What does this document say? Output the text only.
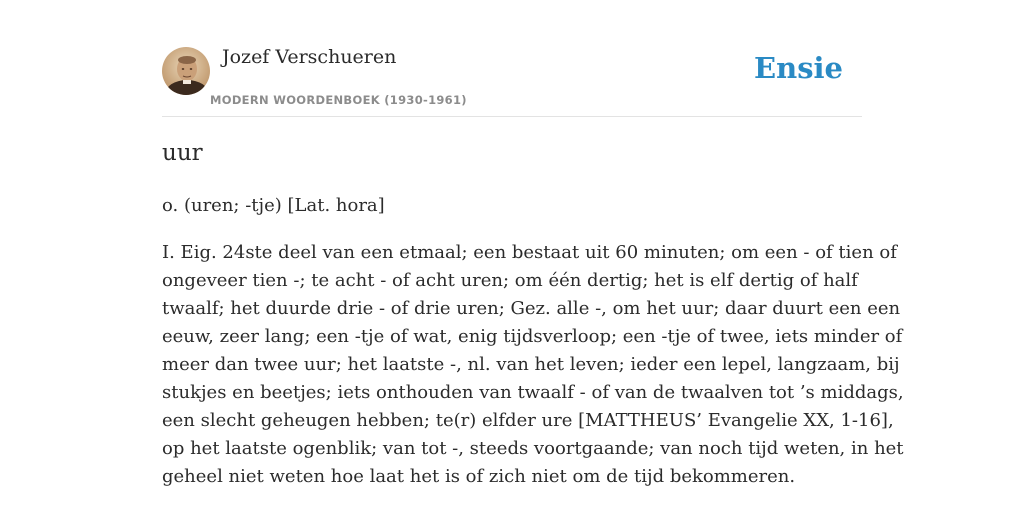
Jozef Verschueren
MODERN WOORDENBOEK (1930-1961)
Ensie
uur
o. (uren; -tje) [Lat. hora]
I. Eig. 24ste deel van een etmaal; een bestaat uit 60 minuten; om een - of tien of
ongeveer tien -; te acht - of acht uren; om één dertig; het is elf dertig of half
twaalf; het duurde drie - of drie uren; Gez. alle -, om het uur; daar duurt een een
eeuw, zeer lang; een -tje of wat, enig tijdsverloop; een -tje of twee, iets minder of
meer dan twee uur; het laatste -, nl. van het leven; ieder een lepel, langzaam, bij
stukjes en beetjes; iets onthouden van twaalf - of van de twaalven tot ’s middags,
een slecht geheugen hebben; te(r) elfder ure [MATTHEUS’ Evangelie XX, 1-16],
op het laatste ogenblik; van tot -, steeds voortgaande; van noch tijd weten, in het
geheel niet weten hoe laat het is of zich niet om de tijd bekommeren.
